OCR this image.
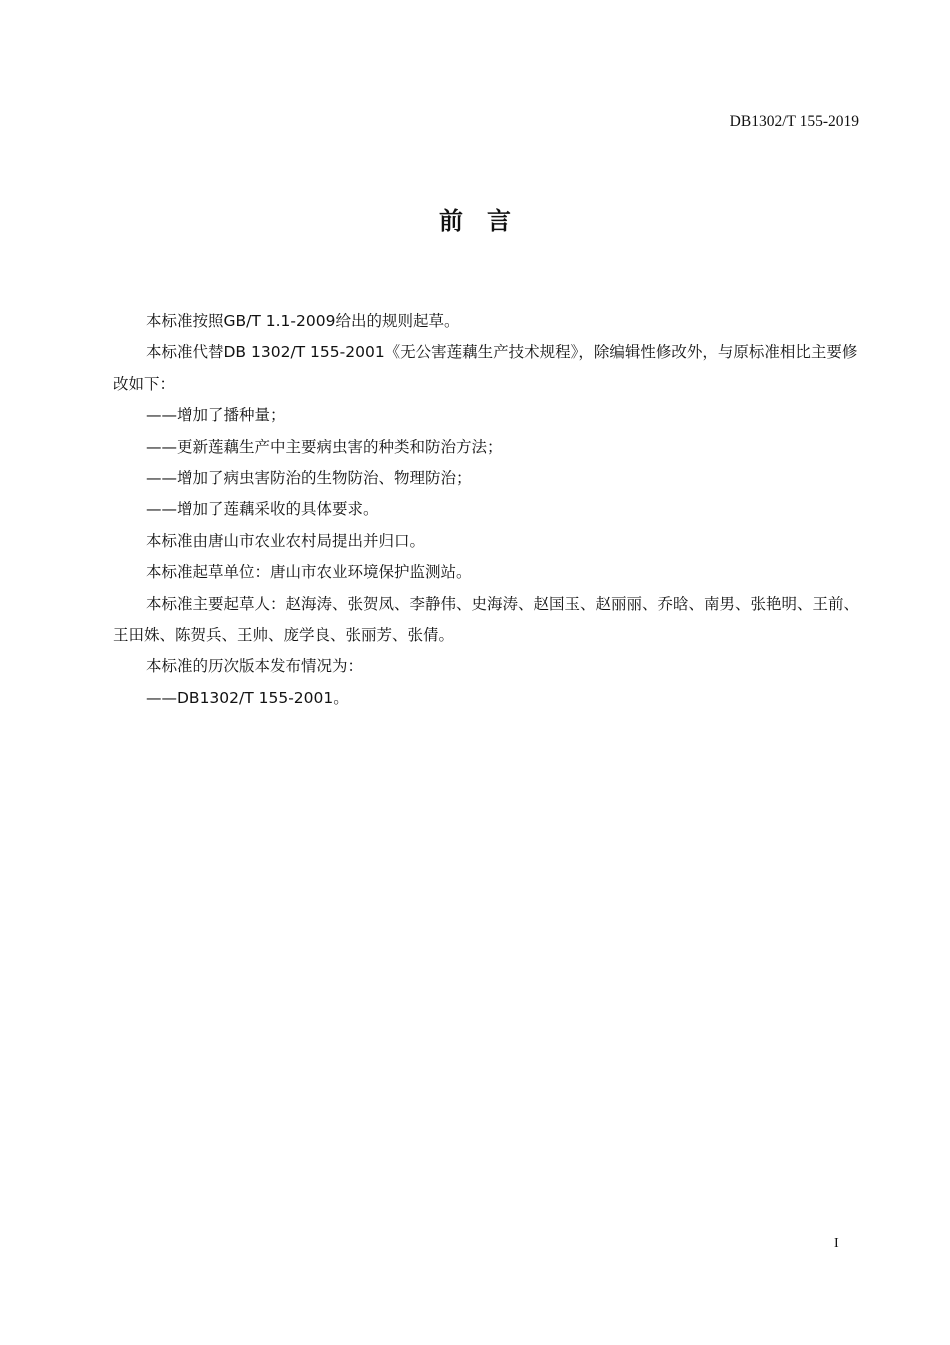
DB1302/T 155-2019
前　言

本标准按照GB/T 1.1-2009给出的规则起草。

本标准代替DB 1302/T 155-2001《无公害莲藕生产技术规程》，除编辑性修改外，与原标准相比主要修改如下：

——增加了播种量；

——更新莲藕生产中主要病虫害的种类和防治方法；

——增加了病虫害防治的生物防治、物理防治；

——增加了莲藕采收的具体要求。

本标准由唐山市农业农村局提出并归口。

本标准起草单位：唐山市农业环境保护监测站。

本标准主要起草人：赵海涛、张贺凤、李静伟、史海涛、赵国玉、赵丽丽、乔晗、南男、张艳明、王前、王田姝、陈贺兵、王帅、庞学良、张丽芳、张倩。

本标准的历次版本发布情况为：

——DB1302/T 155-2001。

I
